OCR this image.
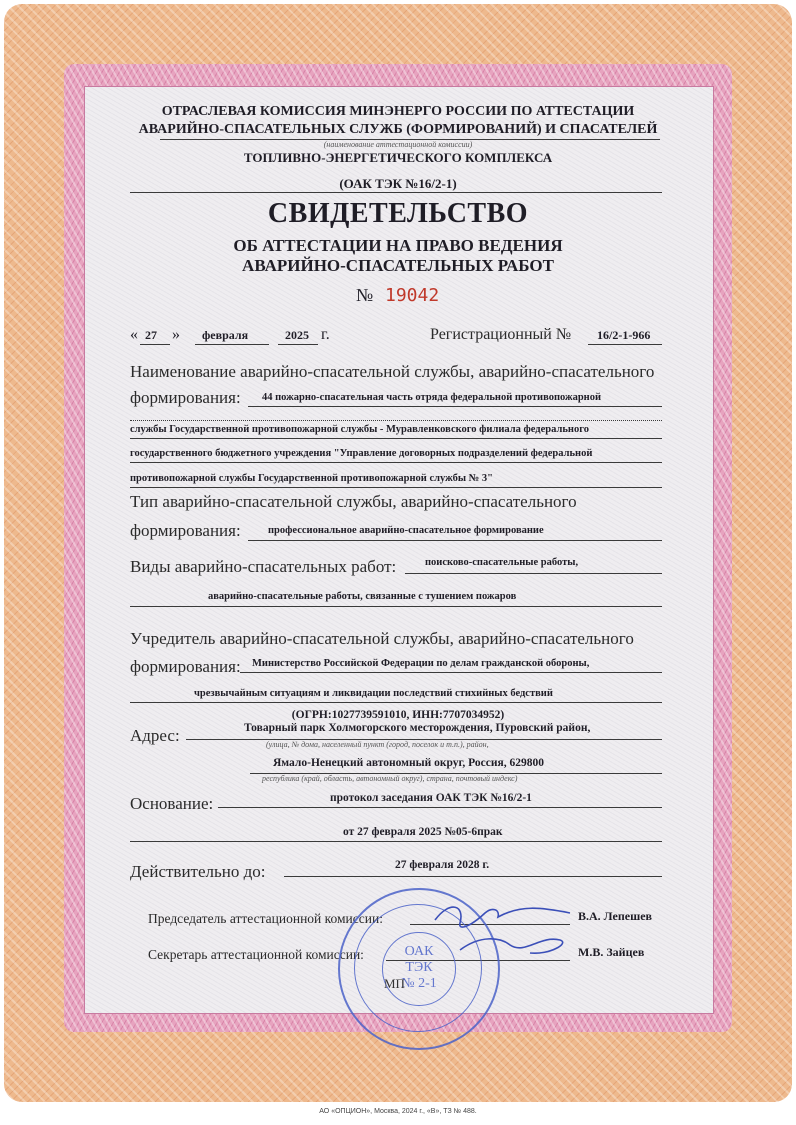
ОТРАСЛЕВАЯ КОМИССИЯ МИНЭНЕРГО РОССИИ ПО АТТЕСТАЦИИ
АВАРИЙНО-СПАСАТЕЛЬНЫХ СЛУЖБ (ФОРМИРОВАНИЙ) И СПАСАТЕЛЕЙ
(наименование аттестационной комиссии)
ТОПЛИВНО-ЭНЕРГЕТИЧЕСКОГО КОМПЛЕКСА
(ОАК ТЭК №16/2-1)
СВИДЕТЕЛЬСТВО
ОБ АТТЕСТАЦИИ НА ПРАВО ВЕДЕНИЯ
АВАРИЙНО-СПАСАТЕЛЬНЫХ РАБОТ
№ 19042
« 27 » февраля	2025 г.	Регистрационный № 16/2-1-966
Наименование аварийно-спасательной службы, аварийно-спасательного
формирования: 44 пожарно-спасательная часть отряда федеральной противопожарной
службы Государственной противопожарной службы - Муравленковского филиала федерального
государственного бюджетного учреждения "Управление договорных подразделений федеральной
противопожарной службы Государственной противопожарной службы № 3"
Тип аварийно-спасательной службы, аварийно-спасательного
формирования:	профессиональное аварийно-спасательное формирование
Виды аварийно-спасательных работ:	поисково-спасательные работы,
аварийно-спасательные работы, связанные с тушением пожаров
Учредитель аварийно-спасательной службы, аварийно-спасательного
формирования: Министерство Российской Федерации по делам гражданской обороны,
чрезвычайным ситуациям и ликвидации последствий стихийных бедствий
(ОГРН:1027739591010, ИНН:7707034952)
Адрес:	Товарный парк Холмогорского месторождения, Пуровский район,
(улица, № дома, населенный пункт (город, поселок и т.п.), район,
Ямало-Ненецкий автономный округ, Россия, 629800
республика (край, область, автономный округ), страна, почтовый индекс)
Основание:	протокол заседания ОАК ТЭК №16/2-1
от 27 февраля 2025 №05-6прак
Действительно до:	27 февраля 2028 г.
Председатель аттестационной комиссии:	В.А. Лепешев
Секретарь аттестационной комиссии:	М.В. Зайцев
ОАК
ТЭК
№ 2-1
МП
АО «ОПЦИОН», Москва, 2024 г., «В», ТЗ № 488.
